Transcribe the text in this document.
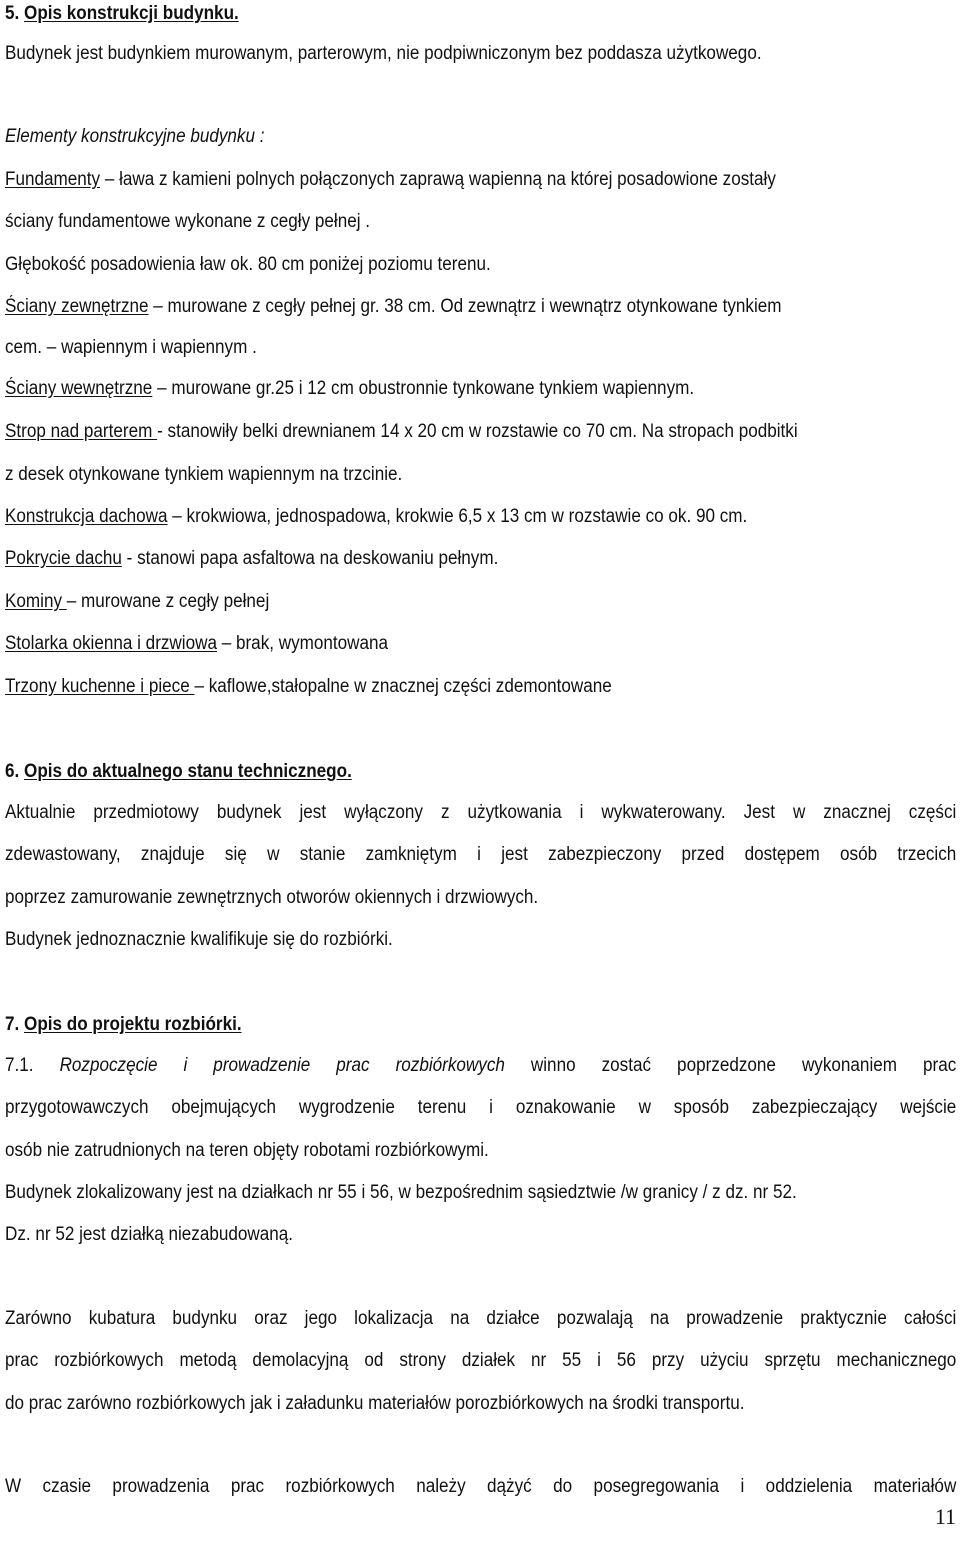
5. Opis konstrukcji budynku.
Budynek jest budynkiem murowanym, parterowym, nie podpiwniczonym bez poddasza użytkowego.
Elementy konstrukcyjne budynku :
Fundamenty – ława z kamieni polnych połączonych zaprawą wapienną na której posadowione zostały
ściany fundamentowe wykonane z cegły pełnej .
Głębokość posadowienia ław ok. 80 cm poniżej poziomu terenu.
Ściany zewnętrzne – murowane z cegły pełnej gr. 38 cm. Od zewnątrz i wewnątrz otynkowane tynkiem
cem. – wapiennym i wapiennym .
Ściany wewnętrzne – murowane gr.25 i 12 cm obustronnie tynkowane tynkiem wapiennym.
Strop nad parterem - stanowiły belki drewnianem 14 x 20 cm w rozstawie co 70 cm. Na stropach podbitki
z desek otynkowane tynkiem wapiennym na trzcinie.
Konstrukcja dachowa – krokwiowa, jednospadowa, krokwie 6,5 x 13 cm w rozstawie co ok. 90 cm.
Pokrycie dachu - stanowi papa asfaltowa na deskowaniu pełnym.
Kominy – murowane z cegły pełnej
Stolarka okienna i drzwiowa – brak, wymontowana
Trzony kuchenne i piece – kaflowe,stałopalne w znacznej części zdemontowane
6. Opis do aktualnego stanu technicznego.
Aktualnie przedmiotowy budynek jest wyłączony z użytkowania i wykwaterowany. Jest w znacznej części
zdewastowany, znajduje się w stanie zamkniętym i jest zabezpieczony przed dostępem osób trzecich
poprzez zamurowanie zewnętrznych otworów okiennych i drzwiowych.
Budynek jednoznacznie kwalifikuje się do rozbiórki.
7. Opis do projektu rozbiórki.
7.1. Rozpoczęcie i prowadzenie prac rozbiórkowych winno zostać poprzedzone wykonaniem prac
przygotowawczych obejmujących wygrodzenie terenu i oznakowanie w sposób zabezpieczający wejście
osób nie zatrudnionych na teren objęty robotami rozbiórkowymi.
Budynek zlokalizowany jest na działkach nr 55 i 56, w bezpośrednim sąsiedztwie /w granicy / z dz. nr 52.
Dz. nr 52 jest działką niezabudowaną.
Zarówno kubatura budynku oraz jego lokalizacja na działce pozwalają na prowadzenie praktycznie całości
prac rozbiórkowych metodą demolacyjną od strony działek nr 55 i 56 przy użyciu sprzętu mechanicznego
do prac zarówno rozbiórkowych jak i załadunku materiałów porozbiórkowych na środki transportu.
W czasie prowadzenia prac rozbiórkowych należy dążyć do posegregowania i oddzielenia materiałów
11
